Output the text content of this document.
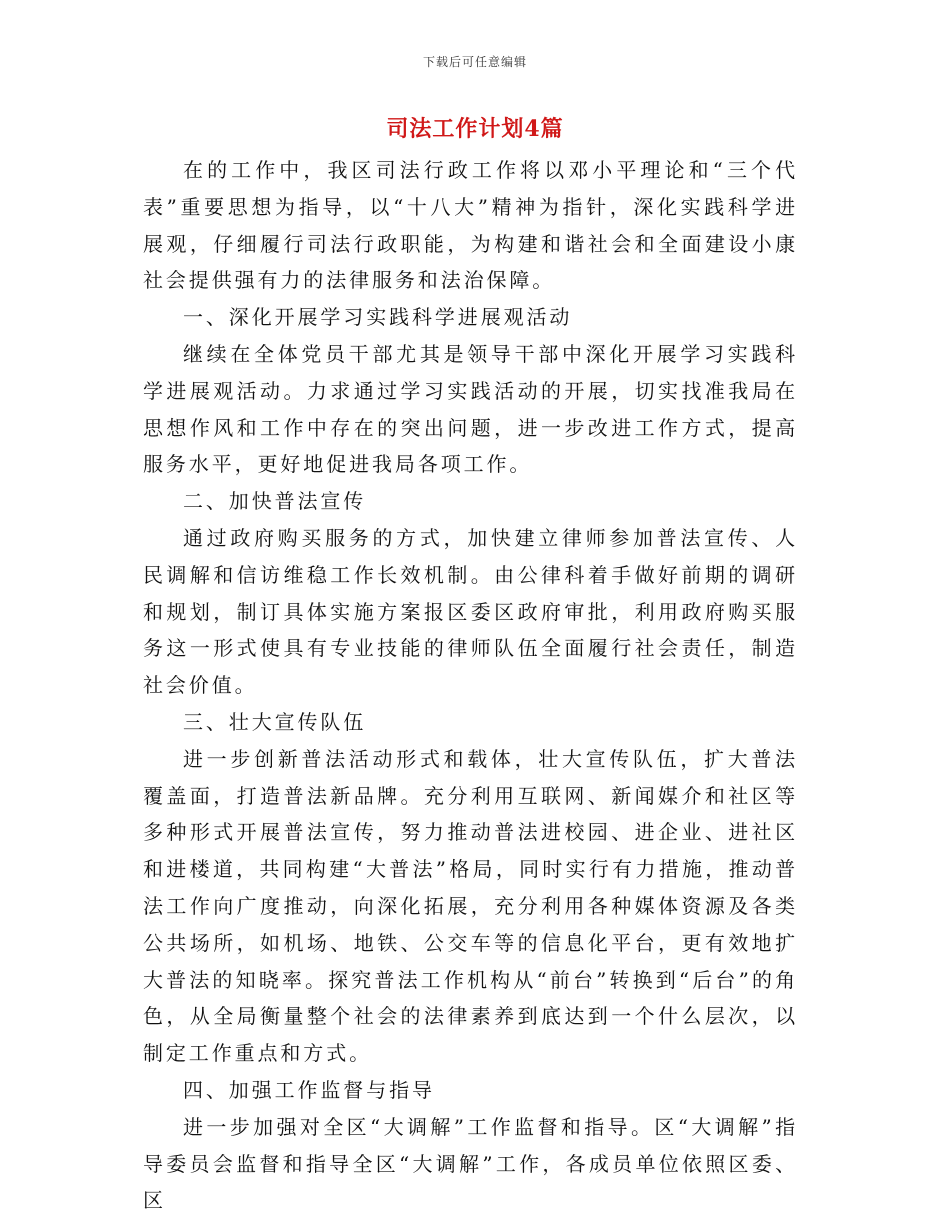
下载后可任意编辑
司法工作计划4篇

在的工作中，我区司法行政工作将以邓小平理论和“三个代表”重要思想为指导，以“十八大”精神为指针，深化实践科学进展观，仔细履行司法行政职能，为构建和谐社会和全面建设小康社会提供强有力的法律服务和法治保障。

一、深化开展学习实践科学进展观活动

继续在全体党员干部尤其是领导干部中深化开展学习实践科学进展观活动。力求通过学习实践活动的开展，切实找准我局在思想作风和工作中存在的突出问题，进一步改进工作方式，提高服务水平，更好地促进我局各项工作。

二、加快普法宣传

通过政府购买服务的方式，加快建立律师参加普法宣传、人民调解和信访维稳工作长效机制。由公律科着手做好前期的调研和规划，制订具体实施方案报区委区政府审批，利用政府购买服务这一形式使具有专业技能的律师队伍全面履行社会责任，制造社会价值。

三、壮大宣传队伍

进一步创新普法活动形式和载体，壮大宣传队伍，扩大普法覆盖面，打造普法新品牌。充分利用互联网、新闻媒介和社区等多种形式开展普法宣传，努力推动普法进校园、进企业、进社区和进楼道，共同构建“大普法”格局，同时实行有力措施，推动普法工作向广度推动，向深化拓展，充分利用各种媒体资源及各类公共场所，如机场、地铁、公交车等的信息化平台，更有效地扩大普法的知晓率。探究普法工作机构从“前台”转换到“后台”的角色，从全局衡量整个社会的法律素养到底达到一个什么层次，以制定工作重点和方式。

四、加强工作监督与指导

进一步加强对全区“大调解”工作监督和指导。区“大调解”指导委员会监督和指导全区“大调解”工作，各成员单位依照区委、区
